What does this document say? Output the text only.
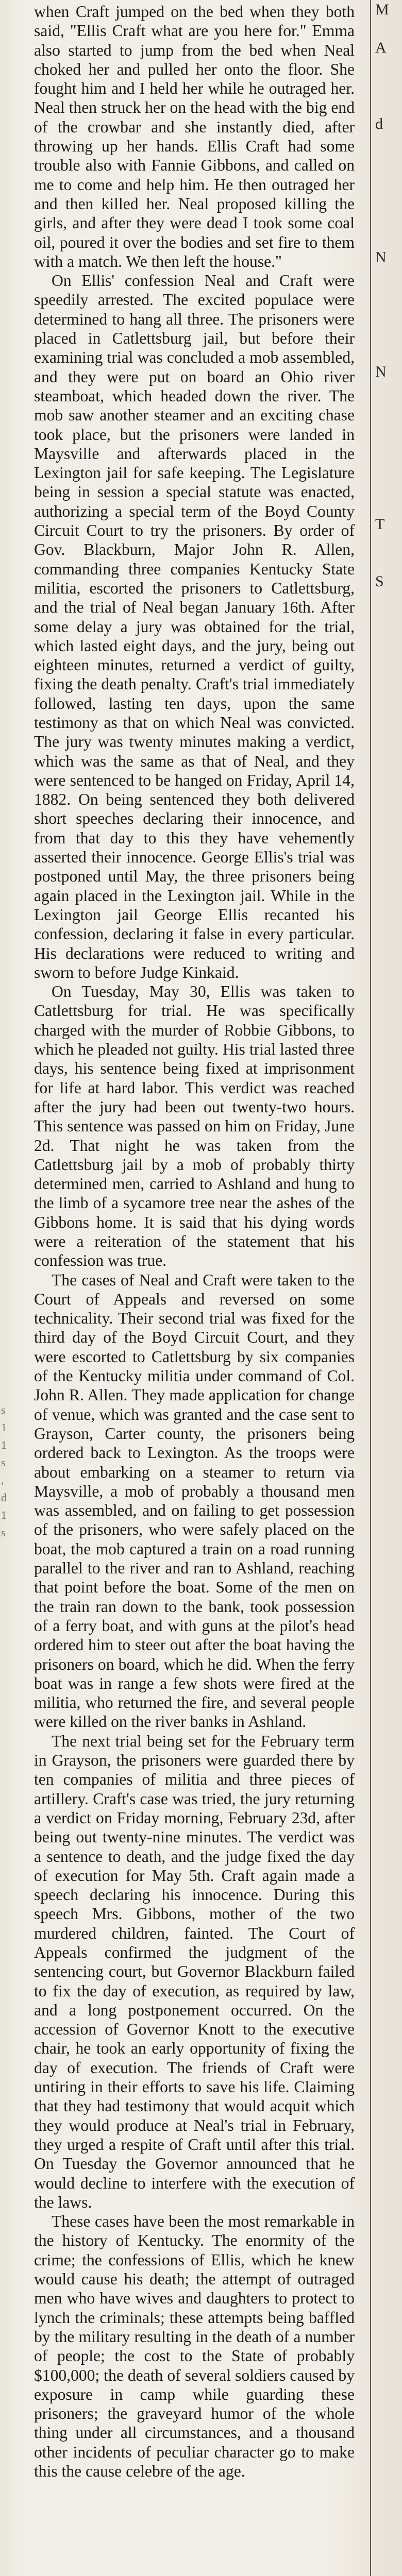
s
1
1
s
,
d
1
s
M

A

d

N

N

T

S

when Craft jumped on the bed when they both said, "Ellis Craft what are you here for." Emma also started to jump from the bed when Neal choked her and pulled her onto the floor. She fought him and I held her while he outraged her. Neal then struck her on the head with the big end of the crowbar and she instantly died, after throwing up her hands. Ellis Craft had some trouble also with Fannie Gibbons, and called on me to come and help him. He then outraged her and then killed her. Neal proposed killing the girls, and after they were dead I took some coal oil, poured it over the bodies and set fire to them with a match. We then left the house."

On Ellis' confession Neal and Craft were speedily arrested. The excited populace were determined to hang all three. The prisoners were placed in Catlettsburg jail, but before their examining trial was concluded a mob assembled, and they were put on board an Ohio river steamboat, which headed down the river. The mob saw another steamer and an exciting chase took place, but the prisoners were landed in Maysville and afterwards placed in the Lexington jail for safe keeping. The Legislature being in session a special statute was enacted, authorizing a special term of the Boyd County Circuit Court to try the prisoners. By order of Gov. Blackburn, Major John R. Allen, commanding three companies Kentucky State militia, escorted the prisoners to Catlettsburg, and the trial of Neal began January 16th. After some delay a jury was obtained for the trial, which lasted eight days, and the jury, being out eighteen minutes, returned a verdict of guilty, fixing the death penalty. Craft's trial immediately followed, lasting ten days, upon the same testimony as that on which Neal was convicted. The jury was twenty minutes making a verdict, which was the same as that of Neal, and they were sentenced to be hanged on Friday, April 14, 1882. On being sentenced they both delivered short speeches declaring their innocence, and from that day to this they have vehemently asserted their innocence. George Ellis's trial was postponed until May, the three prisoners being again placed in the Lexington jail. While in the Lexington jail George Ellis recanted his confession, declaring it false in every particular. His declarations were reduced to writing and sworn to before Judge Kinkaid.

On Tuesday, May 30, Ellis was taken to Catlettsburg for trial. He was specifically charged with the murder of Robbie Gibbons, to which he pleaded not guilty. His trial lasted three days, his sentence being fixed at imprisonment for life at hard labor. This verdict was reached after the jury had been out twenty-two hours. This sentence was passed on him on Friday, June 2d. That night he was taken from the Catlettsburg jail by a mob of probably thirty determined men, carried to Ashland and hung to the limb of a sycamore tree near the ashes of the Gibbons home. It is said that his dying words were a reiteration of the statement that his confession was true.

The cases of Neal and Craft were taken to the Court of Appeals and reversed on some technicality. Their second trial was fixed for the third day of the Boyd Circuit Court, and they were escorted to Catlettsburg by six companies of the Kentucky militia under command of Col. John R. Allen. They made application for change of venue, which was granted and the case sent to Grayson, Carter county, the prisoners being ordered back to Lexington. As the troops were about embarking on a steamer to return via Maysville, a mob of probably a thousand men was assembled, and on failing to get possession of the prisoners, who were safely placed on the boat, the mob captured a train on a road running parallel to the river and ran to Ashland, reaching that point before the boat. Some of the men on the train ran down to the bank, took possession of a ferry boat, and with guns at the pilot's head ordered him to steer out after the boat having the prisoners on board, which he did. When the ferry boat was in range a few shots were fired at the militia, who returned the fire, and several people were killed on the river banks in Ashland.

The next trial being set for the February term in Grayson, the prisoners were guarded there by ten companies of militia and three pieces of artillery. Craft's case was tried, the jury returning a verdict on Friday morning, February 23d, after being out twenty-nine minutes. The verdict was a sentence to death, and the judge fixed the day of execution for May 5th. Craft again made a speech declaring his innocence. During this speech Mrs. Gibbons, mother of the two murdered children, fainted. The Court of Appeals confirmed the judgment of the sentencing court, but Governor Blackburn failed to fix the day of execution, as required by law, and a long postponement occurred. On the accession of Governor Knott to the executive chair, he took an early opportunity of fixing the day of execution. The friends of Craft were untiring in their efforts to save his life. Claiming that they had testimony that would acquit which they would produce at Neal's trial in February, they urged a respite of Craft until after this trial. On Tuesday the Governor announced that he would decline to interfere with the execution of the laws.

These cases have been the most remarkable in the history of Kentucky. The enormity of the crime; the confessions of Ellis, which he knew would cause his death; the attempt of outraged men who have wives and daughters to protect to lynch the criminals; these attempts being baffled by the military resulting in the death of a number of people; the cost to the State of probably $100,000; the death of several soldiers caused by exposure in camp while guarding these prisoners; the graveyard humor of the whole thing under all circumstances, and a thousand other incidents of peculiar character go to make this the cause celebre of the age.
